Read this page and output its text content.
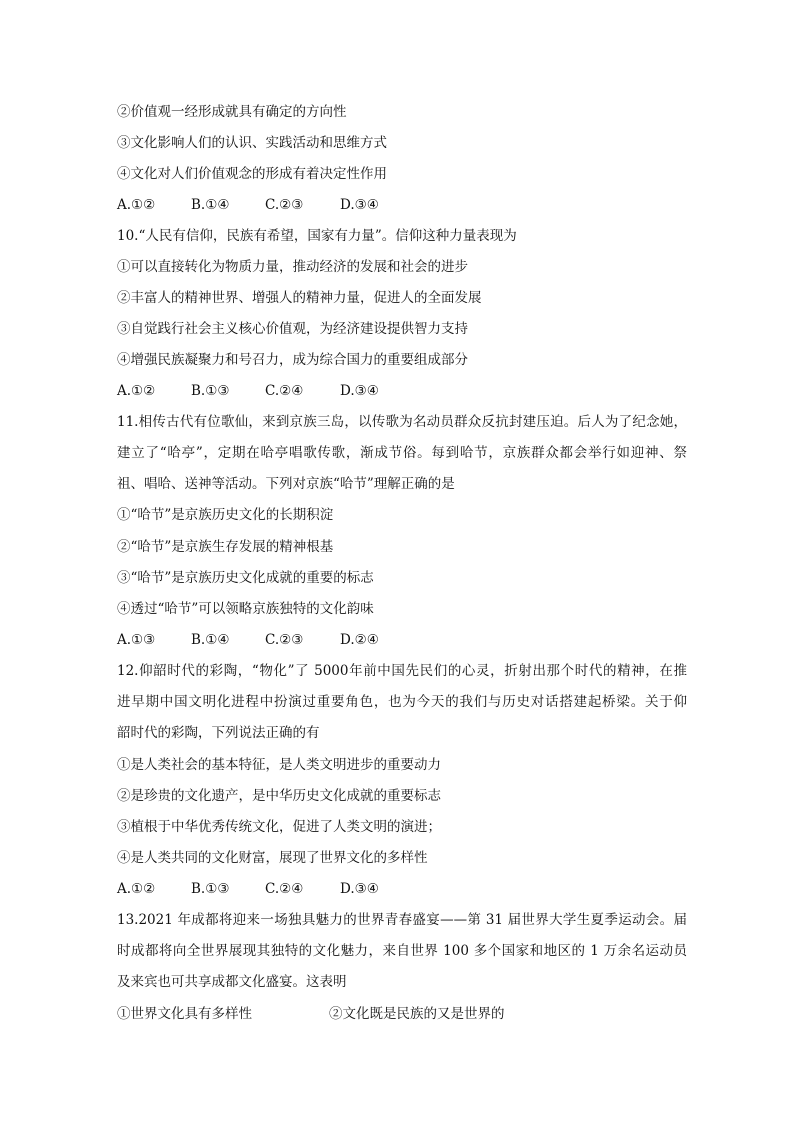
②价值观一经形成就具有确定的方向性
③文化影响人们的认识、实践活动和思维方式
④文化对人们价值观念的形成有着决定性作用
A.①②	B.①④	C.②③	D.③④
10.“人民有信仰，民族有希望，国家有力量”。信仰这种力量表现为
①可以直接转化为物质力量，推动经济的发展和社会的进步
②丰富人的精神世界、增强人的精神力量，促进人的全面发展
③自觉践行社会主义核心价值观，为经济建设提供智力支持
④增强民族凝聚力和号召力，成为综合国力的重要组成部分
A.①②	B.①③	C.②④	D.③④
11.相传古代有位歌仙，来到京族三岛，以传歌为名动员群众反抗封建压迫。后人为了纪念她，
建立了“哈亭”，定期在哈亭唱歌传歌，渐成节俗。每到哈节，京族群众都会举行如迎神、祭
祖、唱哈、送神等活动。下列对京族“哈节”理解正确的是
①“哈节”是京族历史文化的长期积淀
②“哈节”是京族生存发展的精神根基
③“哈节”是京族历史文化成就的重要的标志
④透过“哈节”可以领略京族独特的文化韵味
A.①③	B.①④	C.②③	D.②④
12.仰韶时代的彩陶，“物化”了 5000年前中国先民们的心灵，折射出那个时代的精神，在推
进早期中国文明化进程中扮演过重要角色，也为今天的我们与历史对话搭建起桥梁。关于仰
韶时代的彩陶，下列说法正确的有
①是人类社会的基本特征，是人类文明进步的重要动力
②是珍贵的文化遗产，是中华历史文化成就的重要标志
③植根于中华优秀传统文化，促进了人类文明的演进；
④是人类共同的文化财富，展现了世界文化的多样性
A.①②	B.①③	C.②④	D.③④
13.2021 年成都将迎来一场独具魅力的世界青春盛宴——第 31 届世界大学生夏季运动会。届
时成都将向全世界展现其独特的文化魅力，来自世界 100 多个国家和地区的 1 万余名运动员
及来宾也可共享成都文化盛宴。这表明
①世界文化具有多样性	②文化既是民族的又是世界的
